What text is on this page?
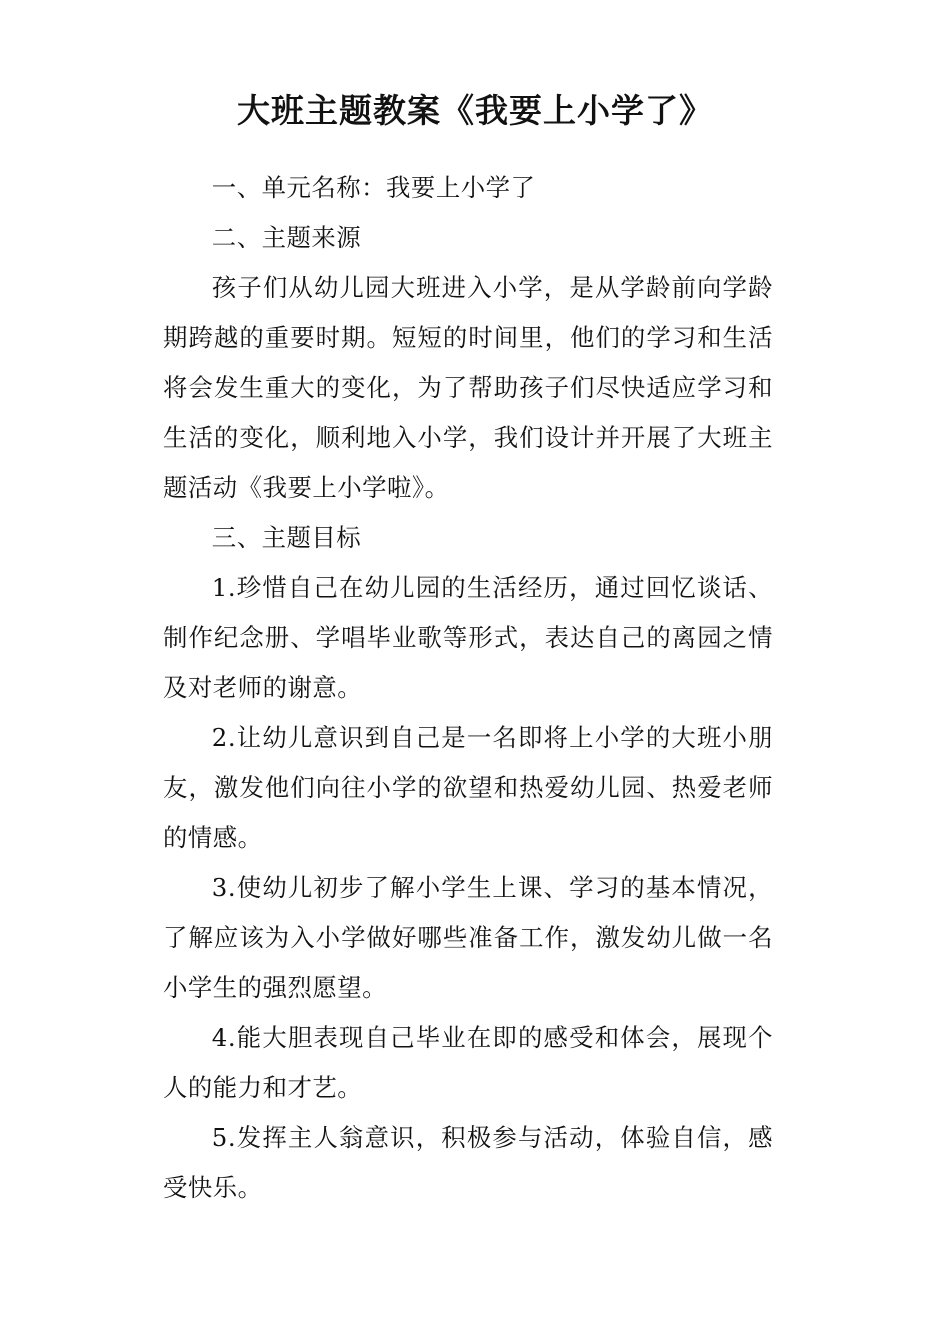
大班主题教案《我要上小学了》

一、单元名称：我要上小学了

二、主题来源

孩子们从幼儿园大班进入小学，是从学龄前向学龄期跨越的重要时期。短短的时间里，他们的学习和生活将会发生重大的变化，为了帮助孩子们尽快适应学习和生活的变化，顺利地入小学，我们设计并开展了大班主题活动《我要上小学啦》。

三、主题目标

1.珍惜自己在幼儿园的生活经历，通过回忆谈话、制作纪念册、学唱毕业歌等形式，表达自己的离园之情及对老师的谢意。

2.让幼儿意识到自己是一名即将上小学的大班小朋友，激发他们向往小学的欲望和热爱幼儿园、热爱老师的情感。

3.使幼儿初步了解小学生上课、学习的基本情况，了解应该为入小学做好哪些准备工作，激发幼儿做一名小学生的强烈愿望。

4.能大胆表现自己毕业在即的感受和体会，展现个人的能力和才艺。

5.发挥主人翁意识，积极参与活动，体验自信，感受快乐。
